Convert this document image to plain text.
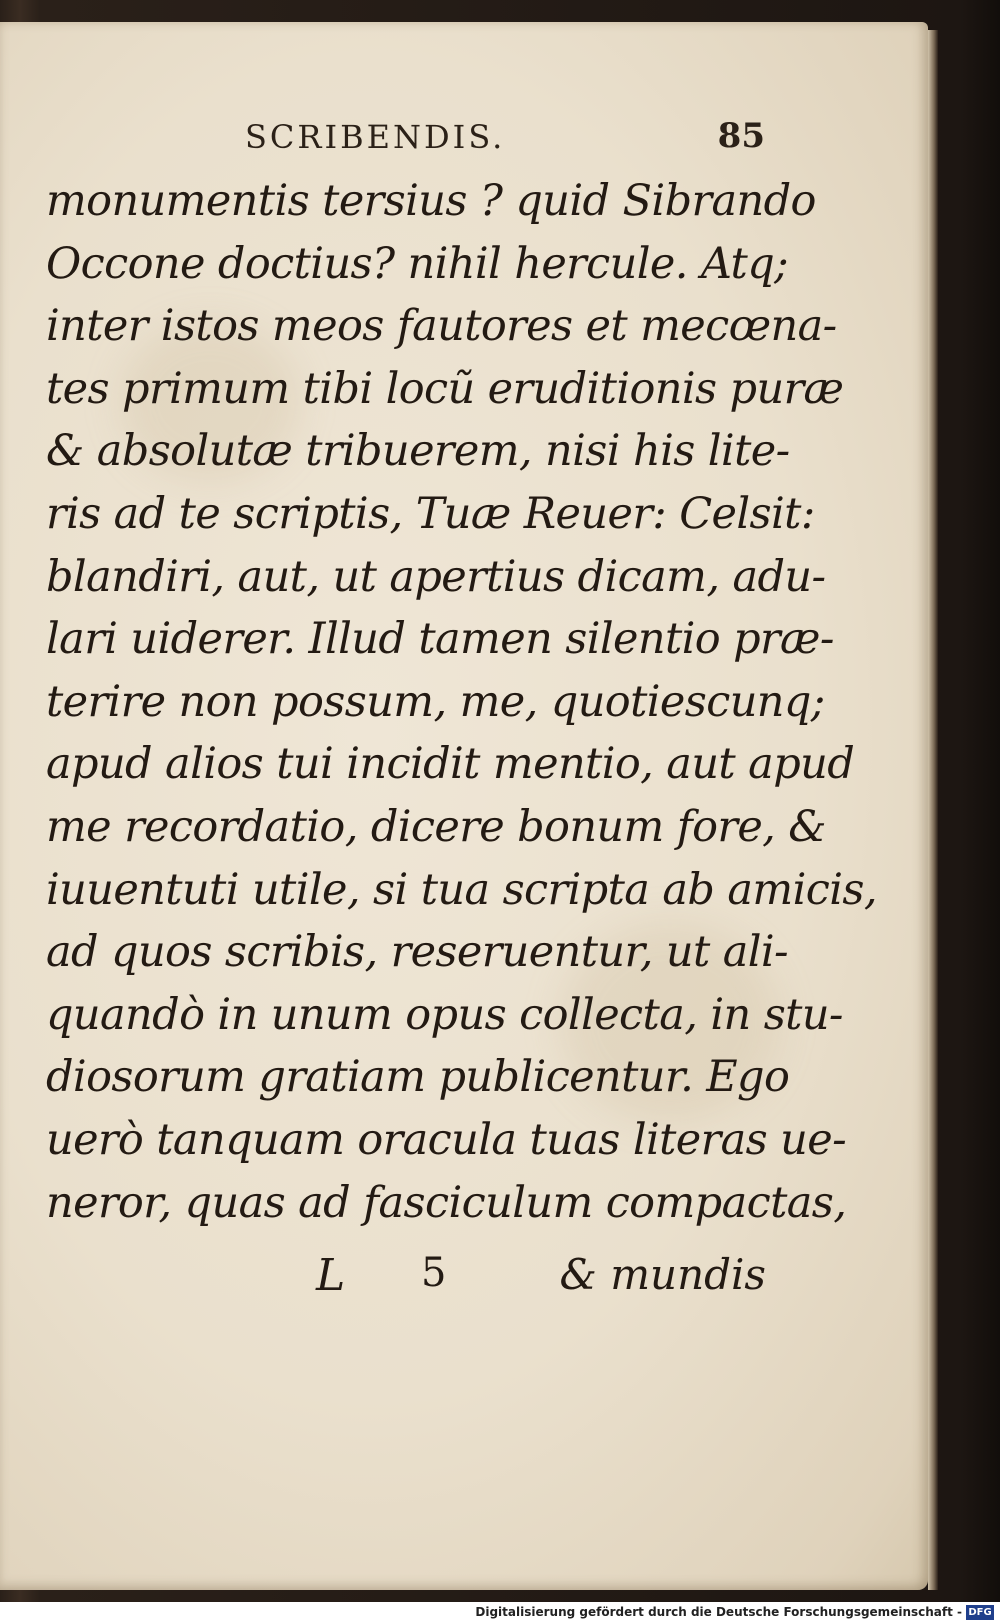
SCRIBENDIS.	85
monumentis tersius ? quid Sibrando
Occone doctius? nihil hercule. Atq;
inter istos meos fautores et mecœna-
tes primum tibi locũ eruditionis puræ
& absolutæ tribuerem, nisi his lite-
ris ad te scriptis, Tuæ Reuer: Celsit:
blandiri, aut, ut apertius dicam, adu-
lari uiderer. Illud tamen silentio præ-
terire non possum, me, quotiescunq;
apud alios tui incidit mentio, aut apud
me recordatio, dicere bonum fore, &
iuuentuti utile, si tua scripta ab amicis,
ad quos scribis, reseruentur, ut ali-
quandò in unum opus collecta, in stu-
diosorum gratiam publicentur. Ego
uerò tanquam oracula tuas literas ue-
neror, quas ad fasciculum compactas,
L 5	& mundis
Digitalisierung gefördert durch die Deutsche Forschungsgemeinschaft - DFG
